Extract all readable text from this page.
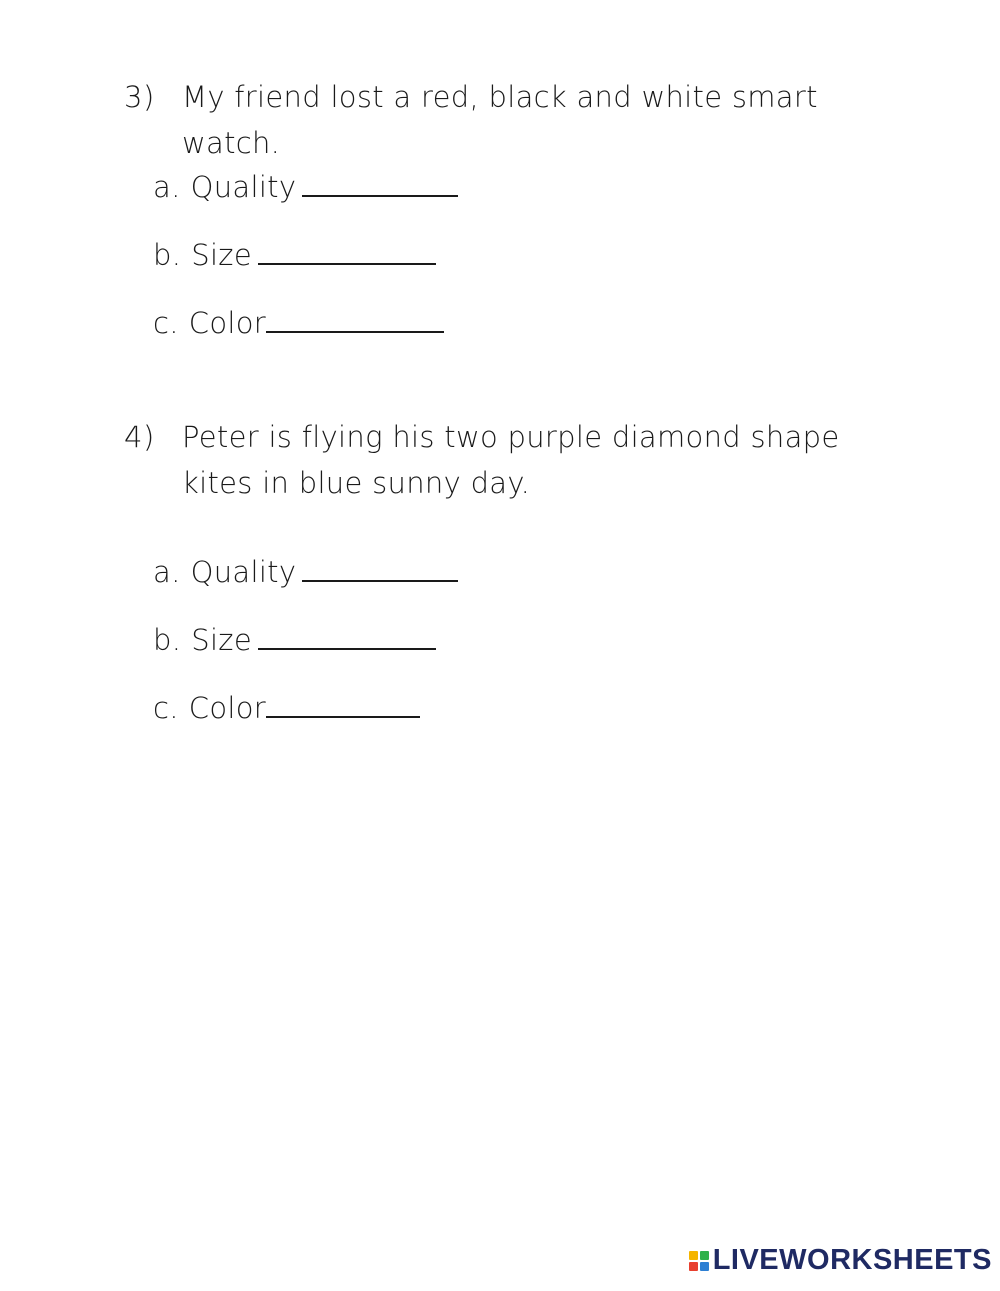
3) My friend lost a red, black and white smart watch.
a. Quality
b. Size
c. Color
4) Peter is flying his two purple diamond shape kites in blue sunny day.
a. Quality
b. Size
c. Color
LIVEWORKSHEETS
